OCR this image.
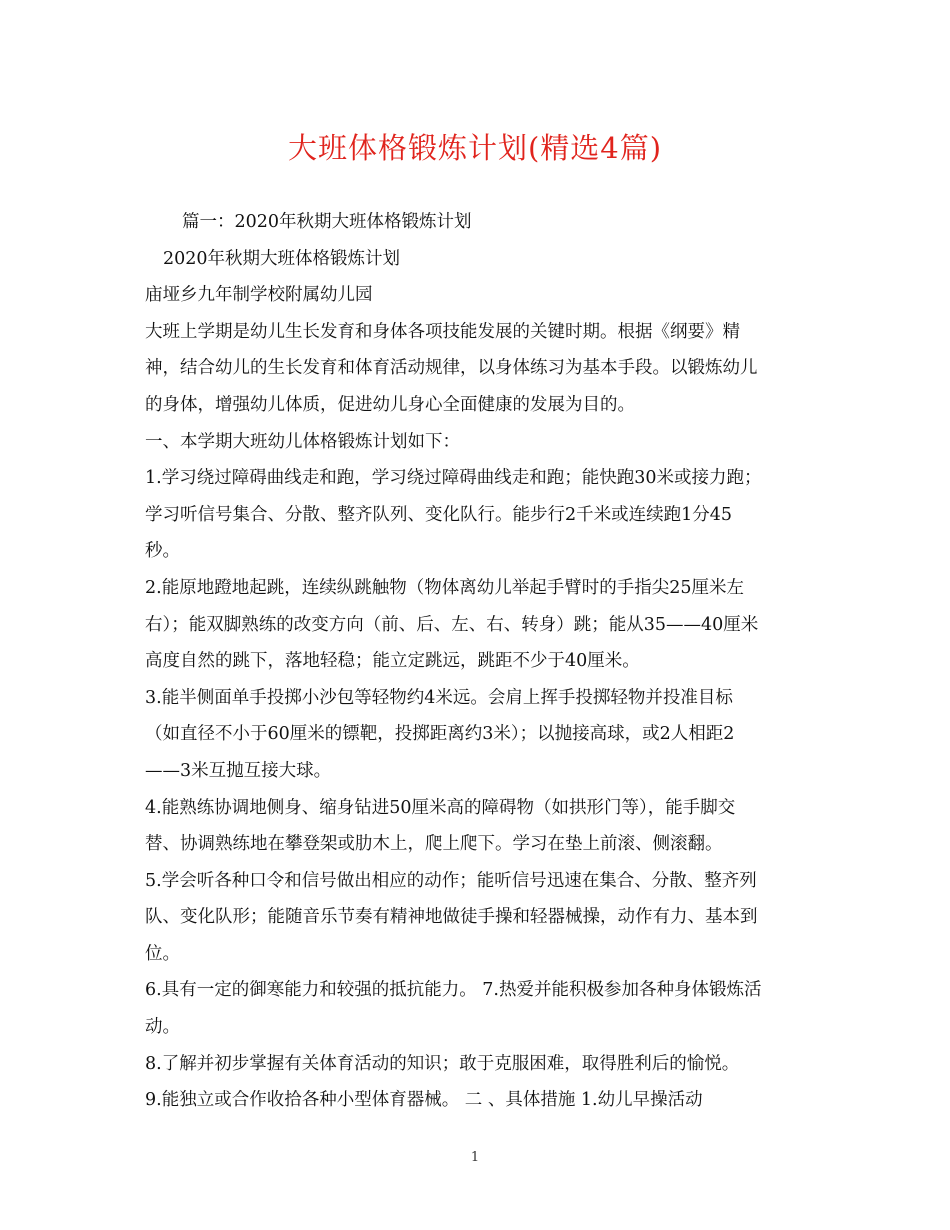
大班体格锻炼计划(精选4篇)
篇一：2020年秋期大班体格锻炼计划
2020年秋期大班体格锻炼计划
庙垭乡九年制学校附属幼儿园
大班上学期是幼儿生长发育和身体各项技能发展的关键时期。根据《纲要》精
神，结合幼儿的生长发育和体育活动规律，以身体练习为基本手段。以锻炼幼儿
的身体，增强幼儿体质，促进幼儿身心全面健康的发展为目的。
一、本学期大班幼儿体格锻炼计划如下：
1.学习绕过障碍曲线走和跑，学习绕过障碍曲线走和跑；能快跑30米或接力跑；
学习听信号集合、分散、整齐队列、变化队行。能步行2千米或连续跑1分45
秒。
2.能原地蹬地起跳，连续纵跳触物（物体离幼儿举起手臂时的手指尖25厘米左
右）；能双脚熟练的改变方向（前、后、左、右、转身）跳；能从35——40厘米
高度自然的跳下，落地轻稳；能立定跳远，跳距不少于40厘米。
3.能半侧面单手投掷小沙包等轻物约4米远。会肩上挥手投掷轻物并投准目标
（如直径不小于60厘米的镖靶，投掷距离约3米）；以抛接高球，或2人相距2
——3米互抛互接大球。
4.能熟练协调地侧身、缩身钻进50厘米高的障碍物（如拱形门等），能手脚交
替、协调熟练地在攀登架或肋木上，爬上爬下。学习在垫上前滚、侧滚翻。
5.学会听各种口令和信号做出相应的动作；能听信号迅速在集合、分散、整齐列
队、变化队形；能随音乐节奏有精神地做徒手操和轻器械操，动作有力、基本到
位。
6.具有一定的御寒能力和较强的抵抗能力。 7.热爱并能积极参加各种身体锻炼活
动。
8.了解并初步掌握有关体育活动的知识；敢于克服困难，取得胜利后的愉悦。
9.能独立或合作收拾各种小型体育器械。 二 、具体措施 1.幼儿早操活动
1
